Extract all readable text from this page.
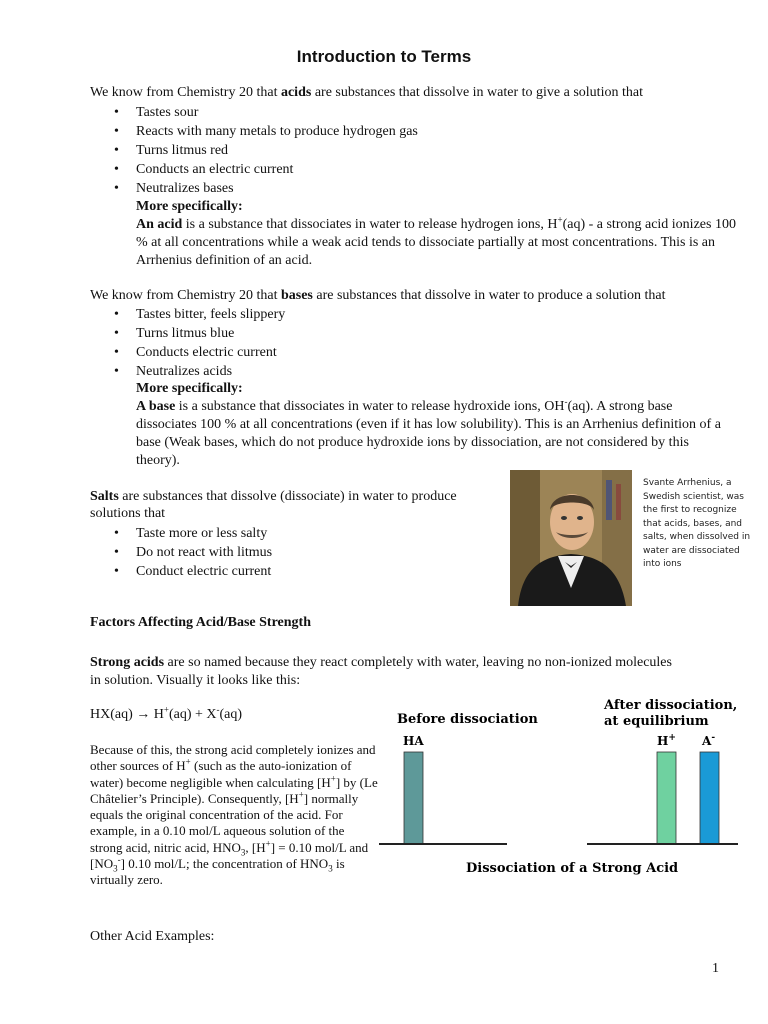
Introduction to Terms
We know from Chemistry 20 that acids are substances that dissolve in water to give a solution that
• Tastes sour
• Reacts with many metals to produce hydrogen gas
• Turns litmus red
• Conducts an electric current
• Neutralizes bases
More specifically:
An acid is a substance that dissociates in water to release hydrogen ions, H+(aq) - a strong acid ionizes 100 % at all concentrations while a weak acid tends to dissociate partially at most concentrations. This is an Arrhenius definition of an acid.
We know from Chemistry 20 that bases are substances that dissolve in water to produce a solution that
• Tastes bitter, feels slippery
• Turns litmus blue
• Conducts electric current
• Neutralizes acids
More specifically:
A base is a substance that dissociates in water to release hydroxide ions, OH-(aq). A strong base dissociates 100 % at all concentrations (even if it has low solubility). This is an Arrhenius definition of a base (Weak bases, which do not produce hydroxide ions by dissociation, are not considered by this theory).
Salts are substances that dissolve (dissociate) in water to produce
solutions that
• Taste more or less salty
• Do not react with litmus
• Conduct electric current
Svante Arrhenius, a Swedish scientist, was the first to recognize that acids, bases, and salts, when dissolved in water are dissociated into ions
Factors Affecting Acid/Base Strength
Strong acids are so named because they react completely with water, leaving no non-ionized molecules
in solution. Visually it looks like this:
HX(aq) → H+(aq) + X-(aq)
Because of this, the strong acid completely ionizes and other sources of H+ (such as the auto-ionization of water) become negligible when calculating [H+] by (Le Châtelier’s Principle). Consequently, [H+] normally equals the original concentration of the acid. For example, in a 0.10 mol/L aqueous solution of the strong acid, nitric acid, $HNO_3$, [H+] = 0.10 mol/L and $[NO_3^-]$ 0.10 mol/L; the concentration of $HNO_3$ is virtually zero.
Before dissociation
After dissociation,
at equilibrium
HA	H+ A-
Dissociation of a Strong Acid
Other Acid Examples:
1
